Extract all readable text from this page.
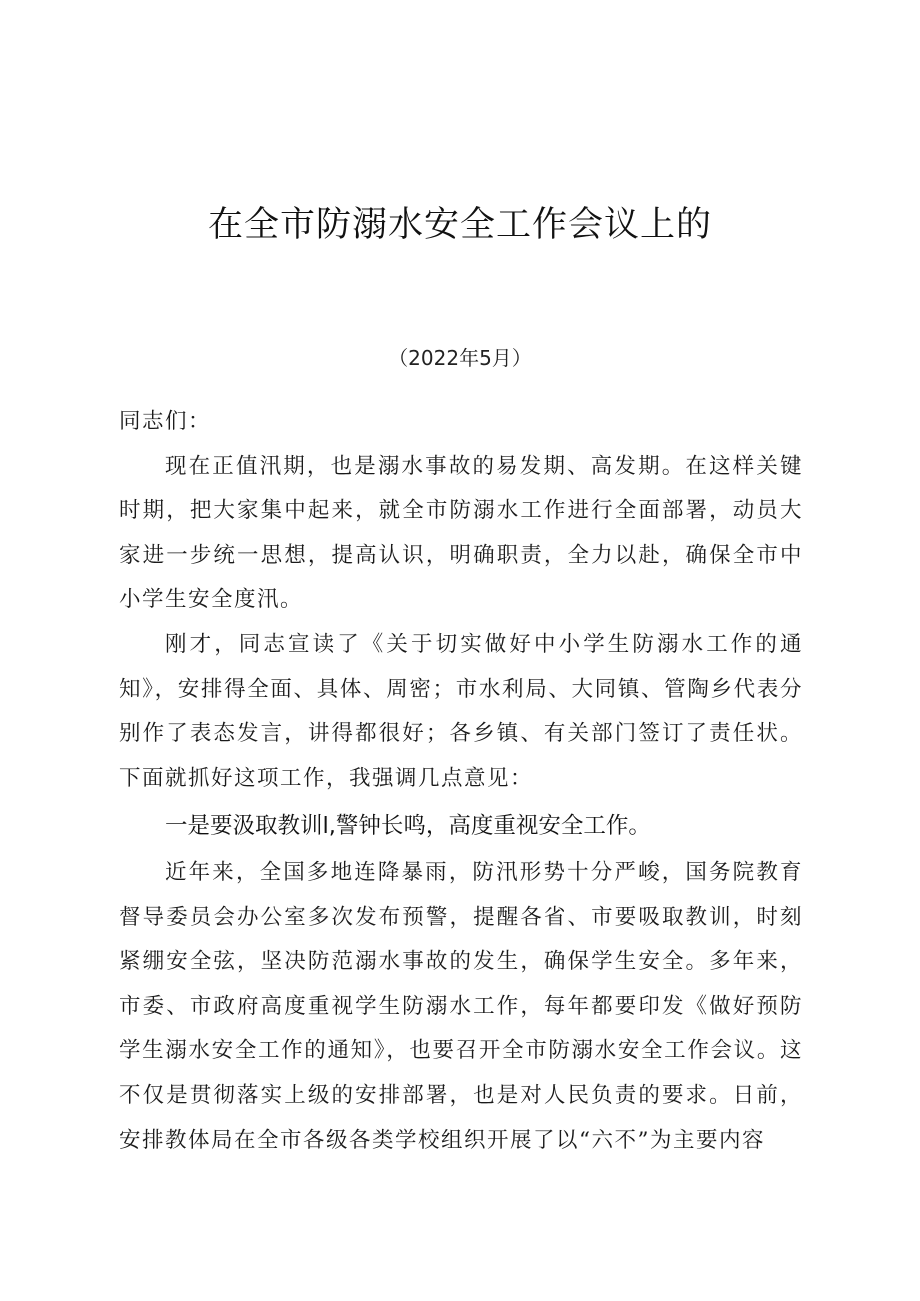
在全市防溺水安全工作会议上的
（2022年5月）

同志们：

现在正值汛期，也是溺水事故的易发期、高发期。在这样关键时期，把大家集中起来，就全市防溺水工作进行全面部署，动员大家进一步统一思想，提高认识，明确职责，全力以赴，确保全市中小学生安全度汛。

刚才，同志宣读了《关于切实做好中小学生防溺水工作的通知》，安排得全面、具体、周密；市水利局、大同镇、管陶乡代表分别作了表态发言，讲得都很好；各乡镇、有关部门签订了责任状。下面就抓好这项工作，我强调几点意见：

一是要汲取教训l,警钟长鸣，高度重视安全工作。

近年来，全国多地连降暴雨，防汛形势十分严峻，国务院教育督导委员会办公室多次发布预警，提醒各省、市要吸取教训，时刻紧绷安全弦，坚决防范溺水事故的发生，确保学生安全。多年来，市委、市政府高度重视学生防溺水工作，每年都要印发《做好预防学生溺水安全工作的通知》，也要召开全市防溺水安全工作会议。这不仅是贯彻落实上级的安排部署，也是对人民负责的要求。日前，安排教体局在全市各级各类学校组织开展了以“六不”为主要内容
